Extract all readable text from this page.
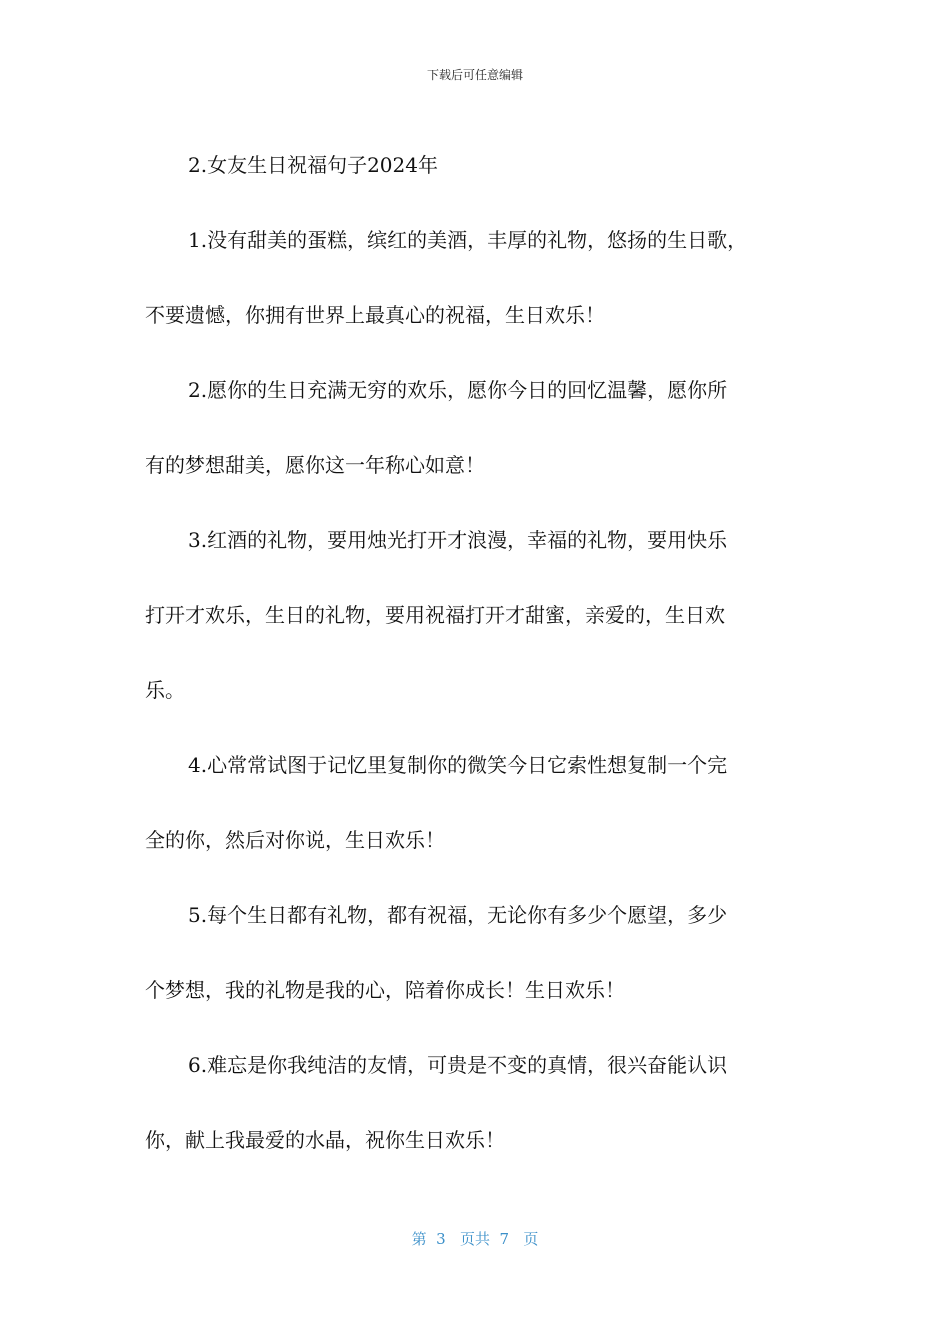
下载后可任意编辑
2.女友生日祝福句子2024年
1.没有甜美的蛋糕，缤红的美酒，丰厚的礼物，悠扬的生日歌，
不要遗憾，你拥有世界上最真心的祝福，生日欢乐！
2.愿你的生日充满无穷的欢乐，愿你今日的回忆温馨，愿你所
有的梦想甜美，愿你这一年称心如意！
3.红酒的礼物，要用烛光打开才浪漫，幸福的礼物，要用快乐
打开才欢乐，生日的礼物，要用祝福打开才甜蜜，亲爱的，生日欢
乐。
4.心常常试图于记忆里复制你的微笑今日它索性想复制一个完
全的你，然后对你说，生日欢乐！
5.每个生日都有礼物，都有祝福，无论你有多少个愿望，多少
个梦想，我的礼物是我的心，陪着你成长！生日欢乐！
6.难忘是你我纯洁的友情，可贵是不变的真情，很兴奋能认识
你，献上我最爱的水晶，祝你生日欢乐！
第  3   页共  7   页
